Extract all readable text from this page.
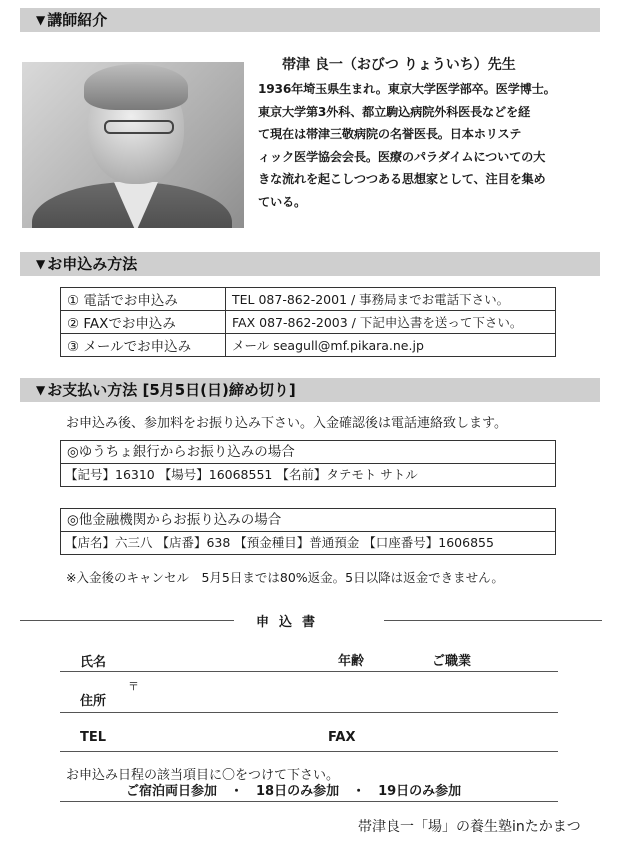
▼ 講師紹介
帯津 良一（おびつ りょういち）先生
1936年埼玉県生まれ。東京大学医学部卒。医学博士。
東京大学第3外科、都立駒込病院外科医長などを経
て現在は帯津三敬病院の名誉医長。日本ホリステ
ィック医学協会会長。医療のパラダイムについての大
きな流れを起こしつつある思想家として、注目を集め
ている。
▼ お申込み方法
① 電話でお申込み	TEL 087-862-2001 / 事務局までお電話下さい。
② FAXでお申込み	FAX 087-862-2003 / 下記申込書を送って下さい。
③ メールでお申込み	メール seagull@mf.pikara.ne.jp
▼ お支払い方法 [5月5日(日)締め切り]
お申込み後、参加料をお振り込み下さい。入金確認後は電話連絡致します。
◎ゆうちょ銀行からお振り込みの場合
【記号】16310 【場号】16068551 【名前】タテモト サトル
◎他金融機関からお振り込みの場合
【店名】六三八 【店番】638 【預金種目】普通預金 【口座番号】1606855
※入金後のキャンセル　5月5日までは80%返金。5日以降は返金できません。
申込書
氏名	年齢	ご職業
〒
住所
TEL	FAX
お申込み日程の該当項目に〇をつけて下さい。
ご宿泊両日参加　・　18日のみ参加　・　19日のみ参加
帯津良一「場」の養生塾inたかまつ
